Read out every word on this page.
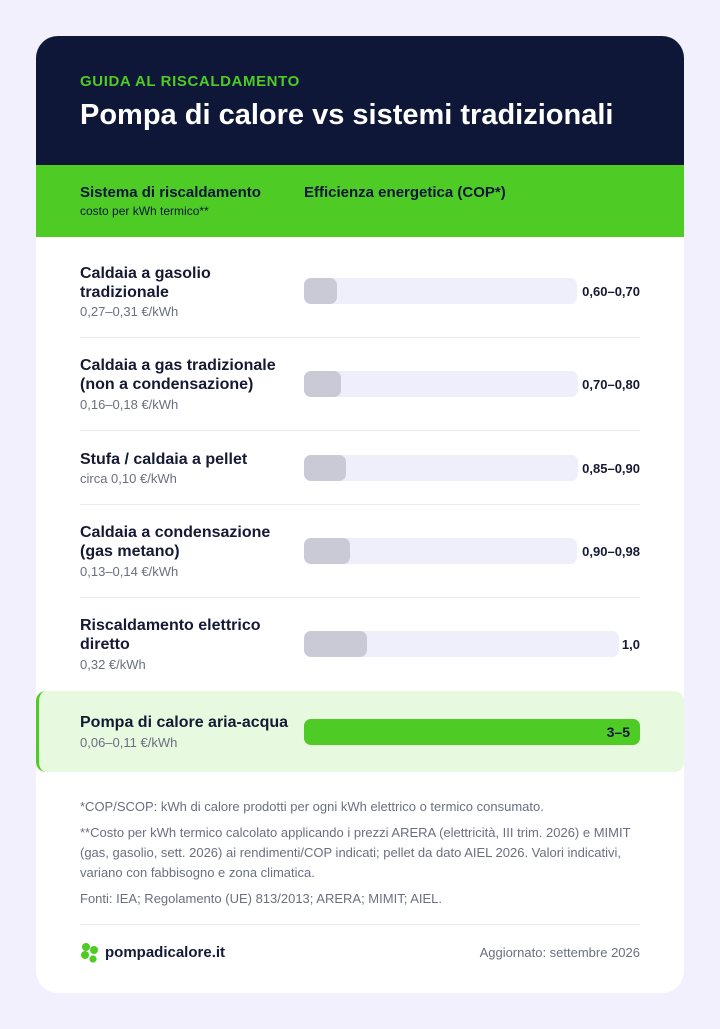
GUIDA AL RISCALDAMENTO
Pompa di calore vs sistemi tradizionali
Sistema di riscaldamento
costo per kWh termico**
Efficienza energetica (COP*)
Caldaia a gasolio tradizionale
0,27–0,31 €/kWh
0,60–0,70
Caldaia a gas tradizionale (non a condensazione)
0,16–0,18 €/kWh
0,70–0,80
Stufa / caldaia a pellet
circa 0,10 €/kWh
0,85–0,90
Caldaia a condensazione (gas metano)
0,13–0,14 €/kWh
0,90–0,98
Riscaldamento elettrico diretto
0,32 €/kWh
1,0
Pompa di calore aria-acqua
0,06–0,11 €/kWh
3–5

*COP/SCOP: kWh di calore prodotti per ogni kWh elettrico o termico consumato.

**Costo per kWh termico calcolato applicando i prezzi ARERA (elettricità, III trim. 2026) e MIMIT (gas, gasolio, sett. 2026) ai rendimenti/COP indicati; pellet da dato AIEL 2026. Valori indicativi, variano con fabbisogno e zona climatica.

Fonti: IEA; Regolamento (UE) 813/2013; ARERA; MIMIT; AIEL.

pompadicalore.it	Aggiornato: settembre 2026
